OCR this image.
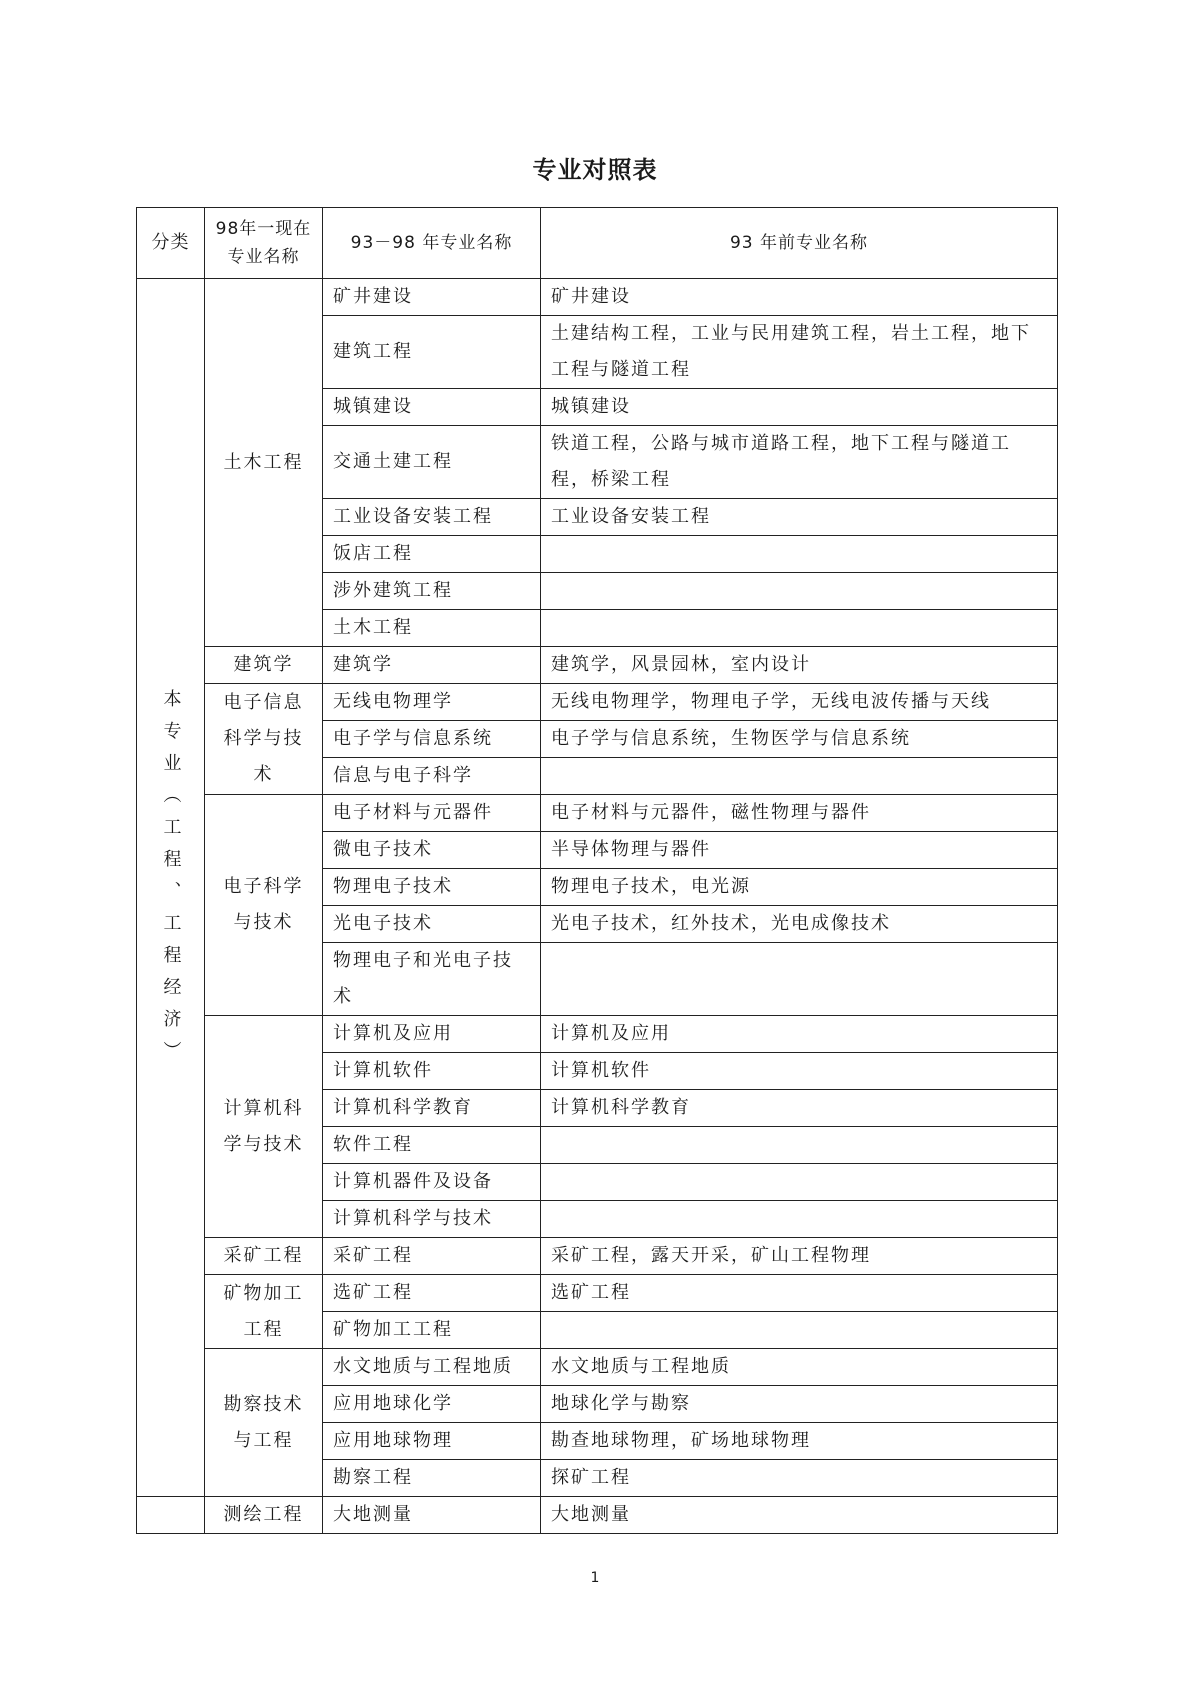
专业对照表
分类	98年一现在专业名称	93－98 年专业名称	93 年前专业名称
本专业（工程、工程经济）	土木工程	矿井建设	矿井建设
		建筑工程	土建结构工程，工业与民用建筑工程，岩土工程，地下工程与隧道工程
		城镇建设	城镇建设
		交通土建工程	铁道工程，公路与城市道路工程，地下工程与隧道工程，桥梁工程
		工业设备安装工程	工业设备安装工程
		饭店工程	
		涉外建筑工程	
		土木工程	
	建筑学	建筑学	建筑学，风景园林，室内设计
	电子信息科学与技术	无线电物理学	无线电物理学，物理电子学，无线电波传播与天线
		电子学与信息系统	电子学与信息系统，生物医学与信息系统
		信息与电子科学	
	电子科学与技术	电子材料与元器件	电子材料与元器件，磁性物理与器件
		微电子技术	半导体物理与器件
		物理电子技术	物理电子技术，电光源
		光电子技术	光电子技术，红外技术，光电成像技术
		物理电子和光电子技术	
	计算机科学与技术	计算机及应用	计算机及应用
		计算机软件	计算机软件
		计算机科学教育	计算机科学教育
		软件工程	
		计算机器件及设备	
		计算机科学与技术	
	采矿工程	采矿工程	采矿工程，露天开采，矿山工程物理
	矿物加工工程	选矿工程	选矿工程
		矿物加工工程	
	勘察技术与工程	水文地质与工程地质	水文地质与工程地质
		应用地球化学	地球化学与勘察
		应用地球物理	勘查地球物理，矿场地球物理
		勘察工程	探矿工程
	测绘工程	大地测量	大地测量
1
